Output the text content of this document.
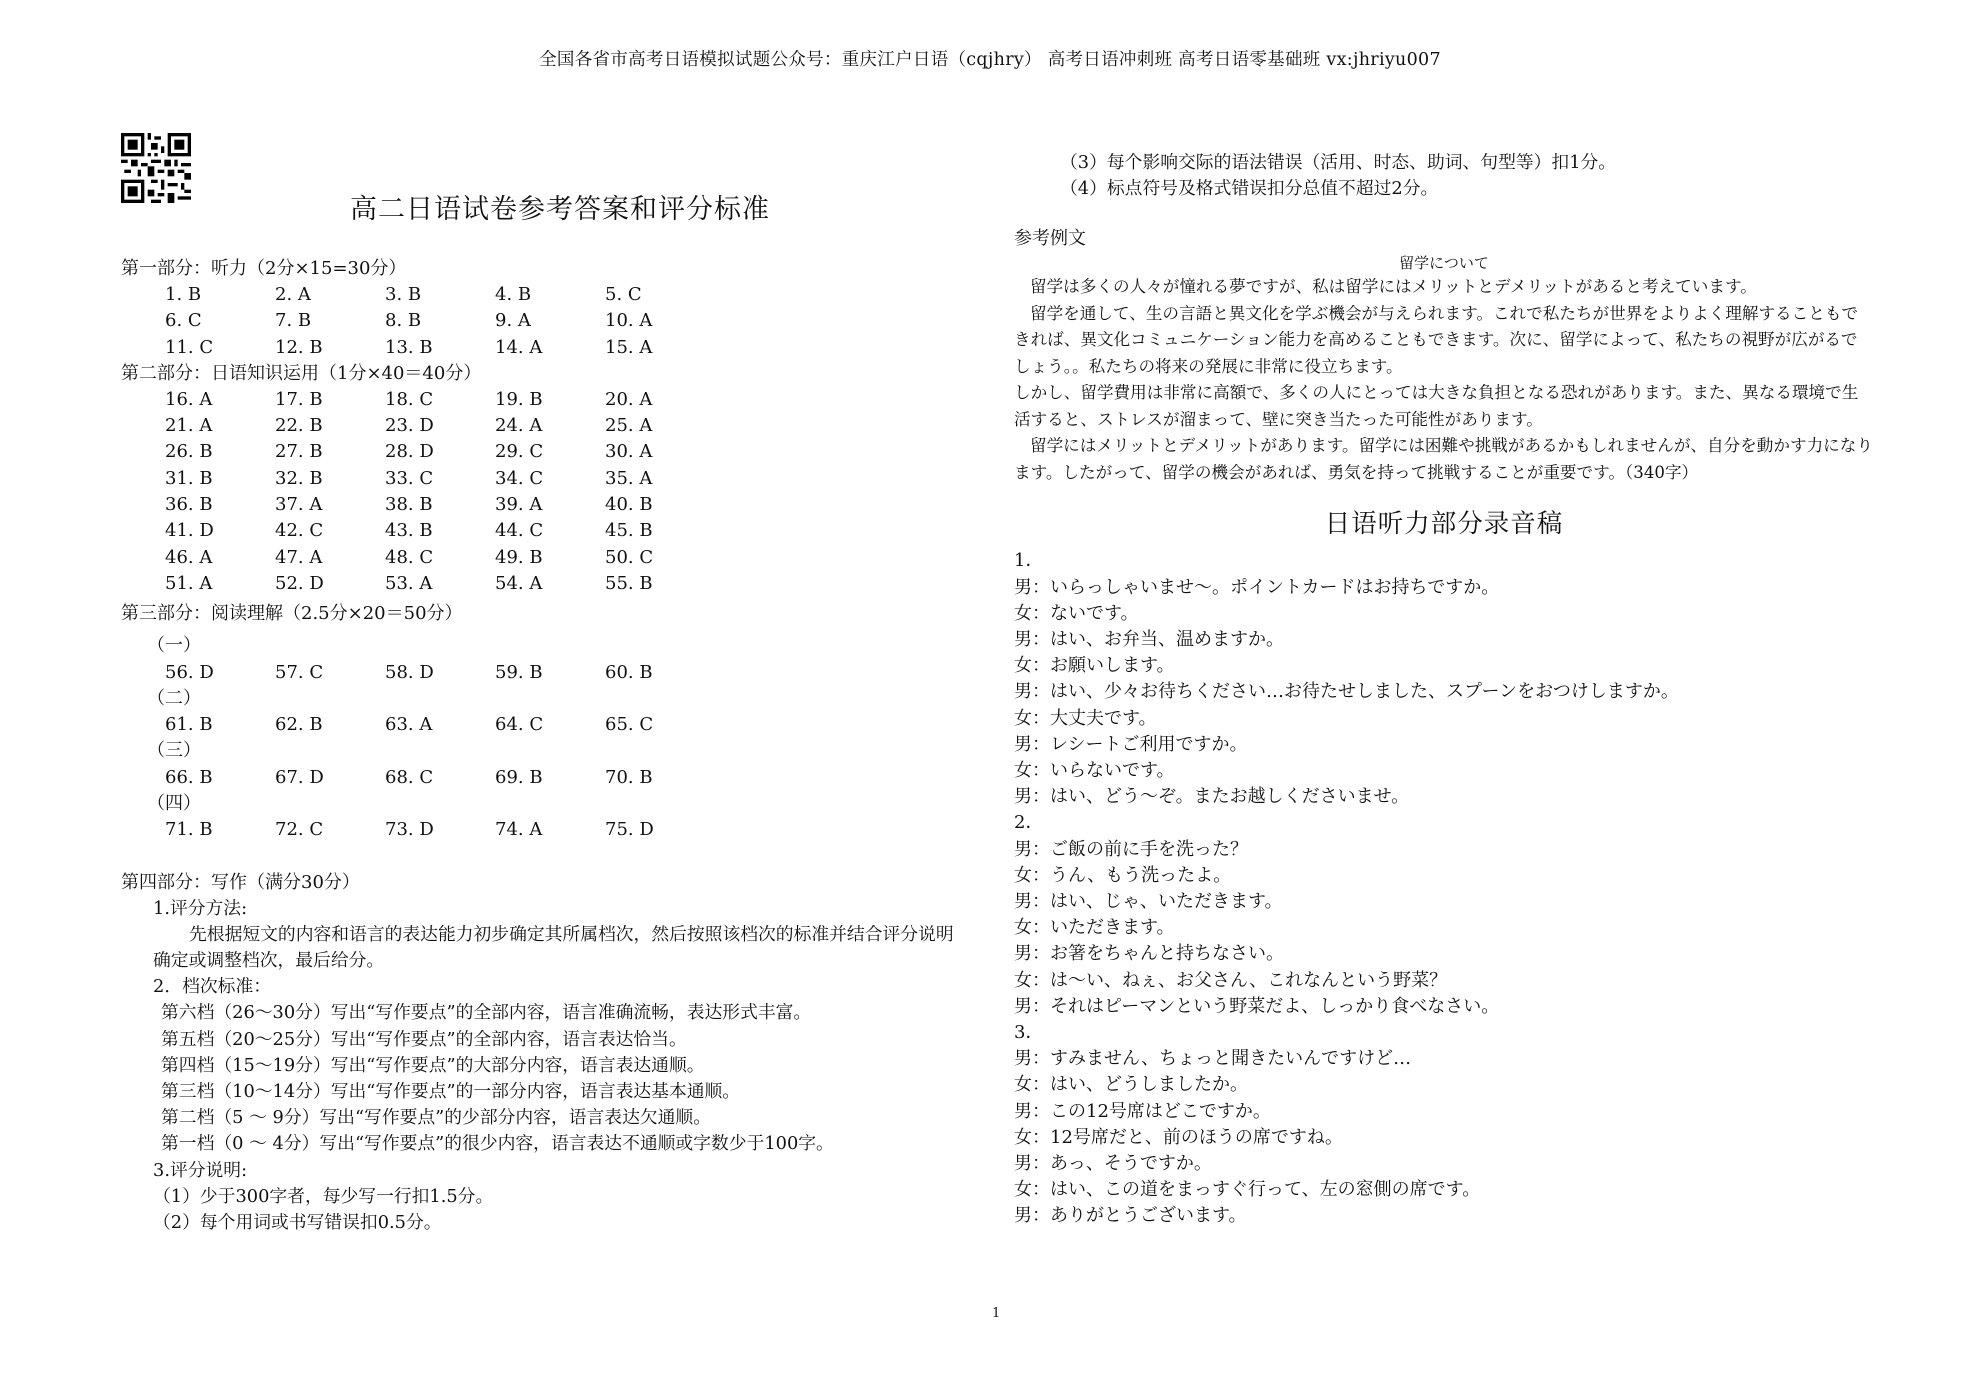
全国各省市高考日语模拟试题公众号：重庆江户日语（cqjhry） 高考日语冲刺班 高考日语零基础班 vx:jhriyu007
高二日语试卷参考答案和评分标准
第一部分：听力（2分×15=30分）
1. B	2. A	3. B	4. B	5. C
6. C	7. B	8. B	9. A	10. A
11. C	12. B	13. B	14. A	15. A
第二部分：日语知识运用（1分×40＝40分）
16. A	17. B	18. C	19. B	20. A
21. A	22. B	23. D	24. A	25. A
26. B	27. B	28. D	29. C	30. A
31. B	32. B	33. C	34. C	35. A
36. B	37. A	38. B	39. A	40. B
41. D	42. C	43. B	44. C	45. B
46. A	47. A	48. C	49. B	50. C
51. A	52. D	53. A	54. A	55. B
第三部分：阅读理解（2.5分×20＝50分）
（一）
56. D	57. C	58. D	59. B	60. B
（二）
61. B	62. B	63. A	64. C	65. C
（三）
66. B	67. D	68. C	69. B	70. B
（四）
71. B	72. C	73. D	74. A	75. D
第四部分：写作（满分30分）
1.评分方法:
先根据短文的内容和语言的表达能力初步确定其所属档次，然后按照该档次的标准并结合评分说明确定或调整档次，最后给分。
2．档次标准：
第六档（26～30分）写出“写作要点”的全部内容，语言准确流畅，表达形式丰富。
第五档（20～25分）写出“写作要点”的全部内容，语言表达恰当。
第四档（15～19分）写出“写作要点”的大部分内容，语言表达通顺。
第三档（10～14分）写出“写作要点”的一部分内容，语言表达基本通顺。
第二档（5 ～ 9分）写出“写作要点”的少部分内容，语言表达欠通顺。
第一档（0 ～ 4分）写出“写作要点”的很少内容，语言表达不通顺或字数少于100字。
3.评分说明:
（1）少于300字者，每少写一行扣1.5分。
（2）每个用词或书写错误扣0.5分。
（3）每个影响交际的语法错误（活用、时态、助词、句型等）扣1分。
（4）标点符号及格式错误扣分总值不超过2分。
参考例文
留学について
留学は多くの人々が憧れる夢ですが、私は留学にはメリットとデメリットがあると考えています。
留学を通して、生の言語と異文化を学ぶ機会が与えられます。これで私たちが世界をよりよく理解することもできれば、異文化コミュニケーション能力を高めることもできます。次に、留学によって、私たちの視野が広がるでしょう。。私たちの将来の発展に非常に役立ちます。
しかし、留学費用は非常に高額で、多くの人にとっては大きな負担となる恐れがあります。また、異なる環境で生活すると、ストレスが溜まって、壁に突き当たった可能性があります。
留学にはメリットとデメリットがあります。留学には困難や挑戦があるかもしれませんが、自分を動かす力になります。したがって、留学の機会があれば、勇気を持って挑戦することが重要です。（340字）
日语听力部分录音稿
1．
男：いらっしゃいませ～。ポイントカードはお持ちですか。
女：ないです。
男：はい、お弁当、温めますか。
女：お願いします。
男：はい、少々お待ちください…お待たせしました、スプーンをおつけしますか。
女：大丈夫です。
男：レシートご利用ですか。
女：いらないです。
男：はい、どう～ぞ。またお越しくださいませ。
2．
男：ご飯の前に手を洗った？
女：うん、もう洗ったよ。
男：はい、じゃ、いただきます。
女：いただきます。
男：お箸をちゃんと持ちなさい。
女：は～い、ねぇ、お父さん、これなんという野菜？
男：それはピーマンという野菜だよ、しっかり食べなさい。
3．
男：すみません、ちょっと聞きたいんですけど…
女：はい、どうしましたか。
男：この12号席はどこですか。
女：12号席だと、前のほうの席ですね。
男：あっ、そうですか。
女：はい、この道をまっすぐ行って、左の窓側の席です。
男：ありがとうございます。
1
